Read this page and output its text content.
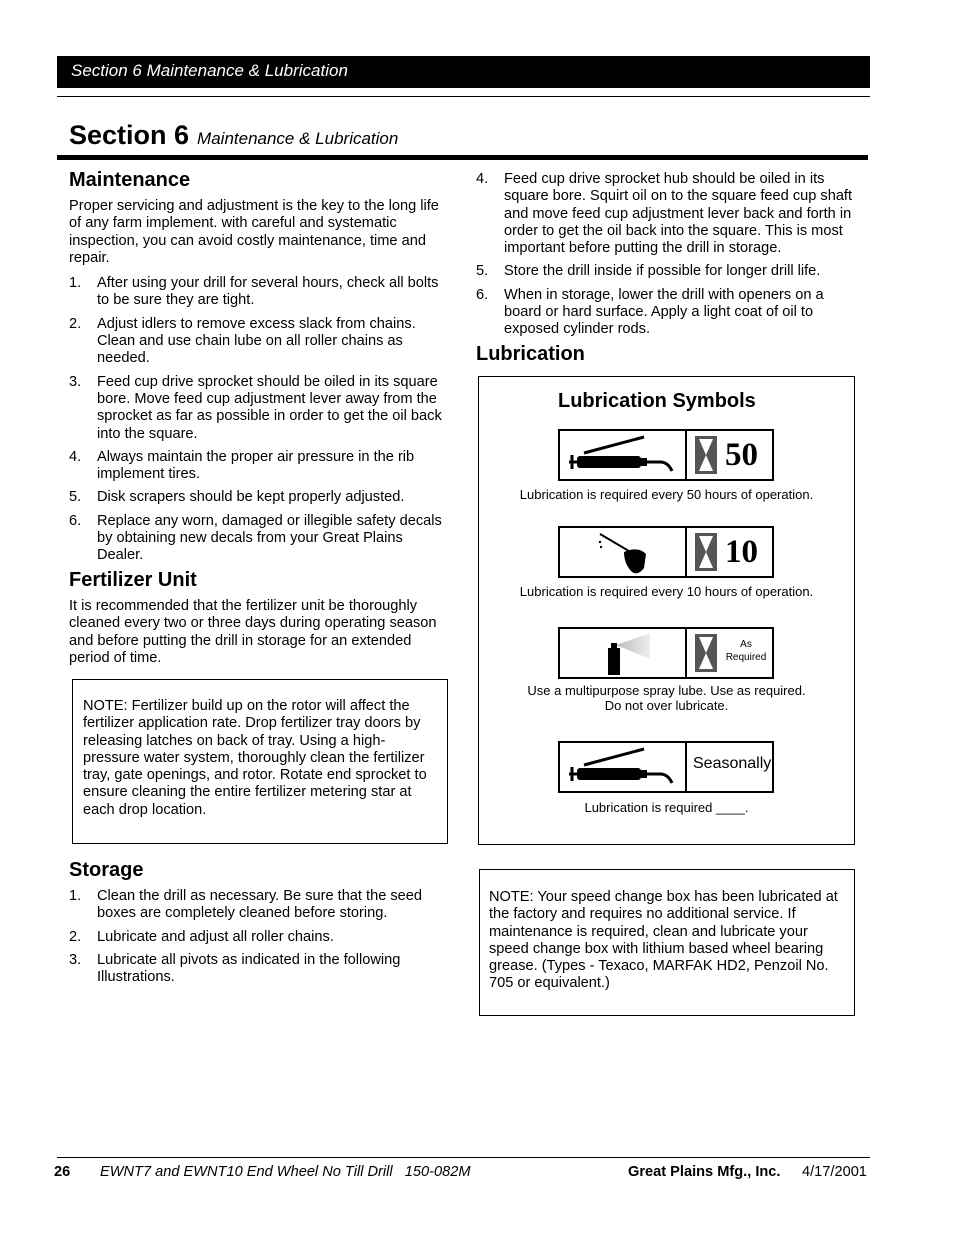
Section 6 Maintenance & Lubrication
Section 6 Maintenance & Lubrication
Maintenance

Proper servicing and adjustment is the key to the long life of any farm implement. with careful and systematic inspection, you can avoid costly maintenance, time and repair.

1. After using your drill for several hours, check all bolts to be sure they are tight.
2. Adjust idlers to remove excess slack from chains. Clean and use chain lube on all roller chains as needed.
3. Feed cup drive sprocket should be oiled in its square bore. Move feed cup adjustment lever away from the sprocket as far as possible in order to get the oil back into the square.
4. Always maintain the proper air pressure in the rib implement tires.
5. Disk scrapers should be kept properly adjusted.
6. Replace any worn, damaged or illegible safety decals by obtaining new decals from your Great Plains Dealer.
Fertilizer Unit

It is recommended that the fertilizer unit be thoroughly cleaned every two or three days during operating season and before putting the drill in storage for an extended period of time.

NOTE: Fertilizer build up on the rotor will affect the fertilizer application rate. Drop fertilizer tray doors by releasing latches on back of tray. Using a high-pressure water system, thoroughly clean the fertilizer tray, gate openings, and rotor. Rotate end sprocket to ensure cleaning the entire fertilizer metering star at each drop location.
Storage
1. Clean the drill as necessary. Be sure that the seed boxes are completely cleaned before storing.
2. Lubricate and adjust all roller chains.
3. Lubricate all pivots as indicated in the following Illustrations.
4. Feed cup drive sprocket hub should be oiled in its square bore. Squirt oil on to the square feed cup shaft and move feed cup adjustment lever back and forth in order to get the oil back into the square. This is most important before putting the drill in storage.
5. Store the drill inside if possible for longer drill life.
6. When in storage, lower the drill with openers on a board or hard surface. Apply a light coat of oil to exposed cylinder rods.
Lubrication
Lubrication Symbols
50
Lubrication is required every 50 hours of operation.
10
Lubrication is required every 10 hours of operation.
As Required
Use a multipurpose spray lube. Use as required.
Do not over lubricate.
Seasonally
Lubrication is required ____.
NOTE: Your speed change box has been lubricated at the factory and requires no additional service. If maintenance is required, clean and lubricate your speed change box with lithium based wheel bearing grease. (Types - Texaco, MARFAK HD2, Penzoil No. 705 or equivalent.)
26 EWNT7 and EWNT10 End Wheel No Till Drill   150-082M	Great Plains Mfg., Inc. 4/17/2001
